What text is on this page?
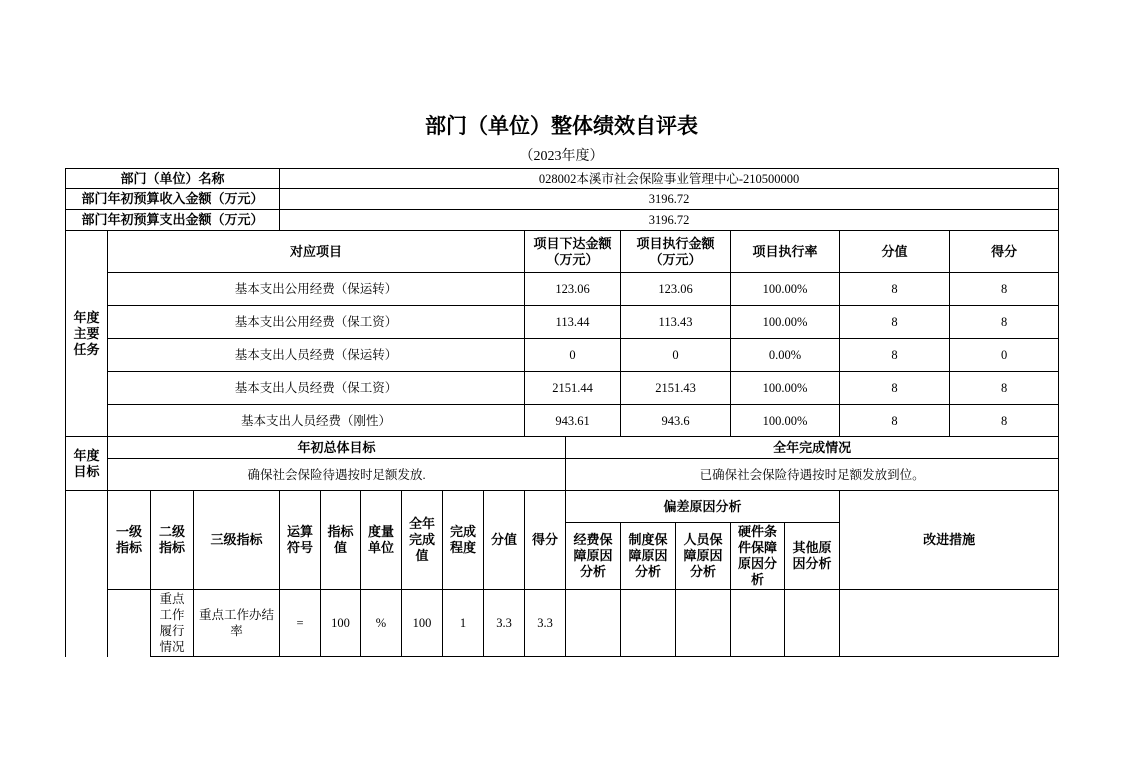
部门（单位）整体绩效自评表
（2023年度）
部门（单位）名称				028002本溪市社会保险事业管理中心-210500000													
部门年初预算收入金额（万元）				3196.72													
部门年初预算支出金额（万元）				3196.72													
年度主要任务	对应项目									项目下达金额（万元）		项目执行金额（万元）		项目执行率		分值	得分
	基本支出公用经费（保运转）									123.06		123.06		100.00%		8	8
	基本支出公用经费（保工资）									113.44		113.43		100.00%		8	8
	基本支出人员经费（保运转）									0		0		0.00%		8	0
	基本支出人员经费（保工资）									2151.44		2151.43		100.00%		8	8
	基本支出人员经费（刚性）									943.61		943.6		100.00%		8	8
年度目标	年初总体目标										全年完成情况						
	确保社会保险待遇按时足额发放.										已确保社会保险待遇按时足额发放到位。						
	一级指标	二级指标	三级指标	运算符号	指标值	度量单位	全年完成值	完成程度	分值	得分	偏差原因分析					改进措施	
											经费保障原因分析	制度保障原因分析	人员保障原因分析	硬件条件保障原因分析	其他原因分析		
		重点工作履行情况	重点工作办结率	=	100	%	100	1	3.3	3.3							
